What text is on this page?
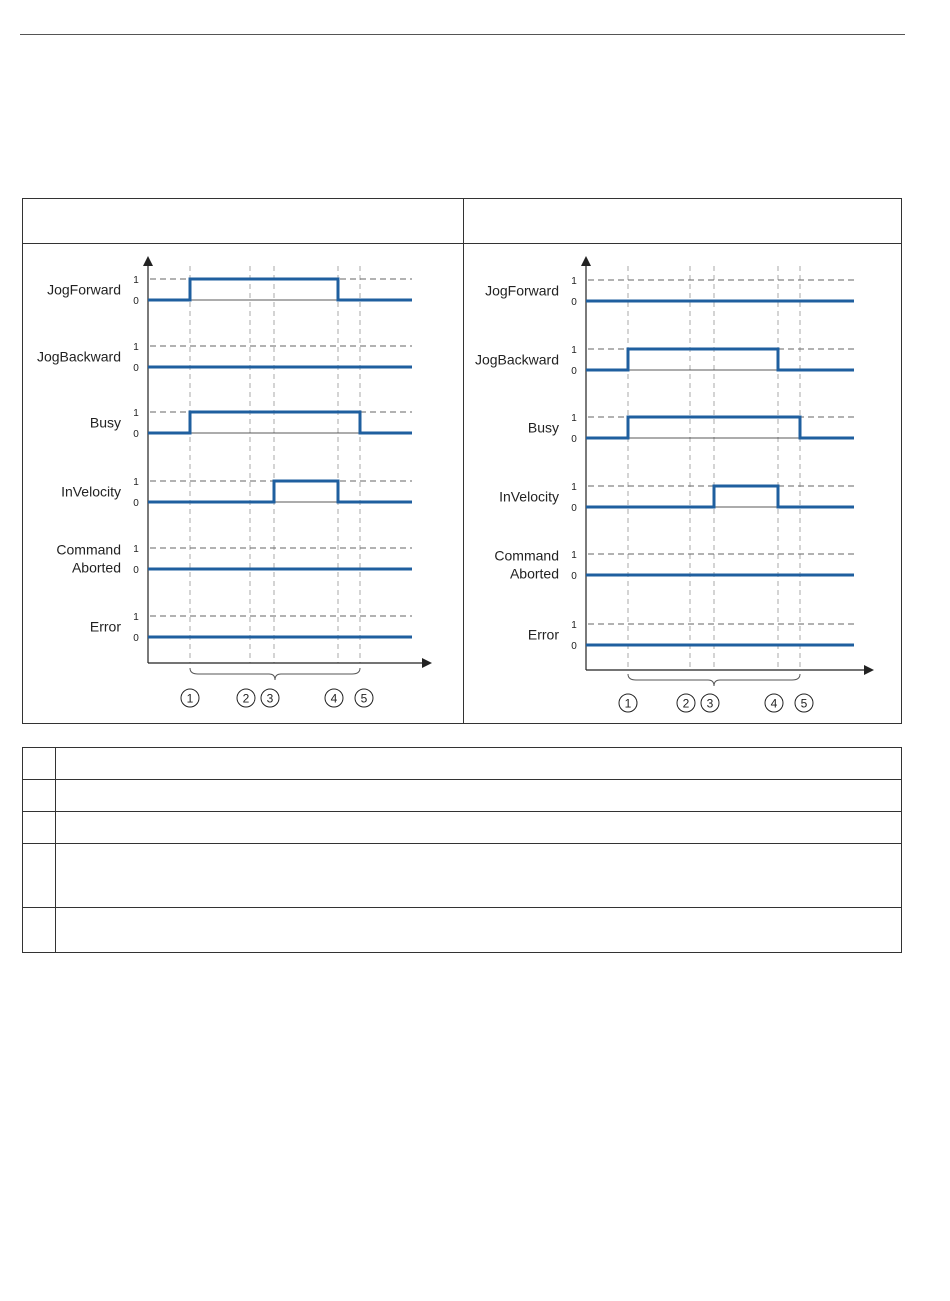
1
0
JogForward
1
0
JogBackward
1
0
Busy
1
0
InVelocity
1
0
Command
Aborted
1
0
Error
1	2 3	4 5
1
0
JogForward
1
0
JogBackward
1
0
Busy
1
0
InVelocity
1
0
Command
Aborted
1
0
Error
1	2 3	4 5
